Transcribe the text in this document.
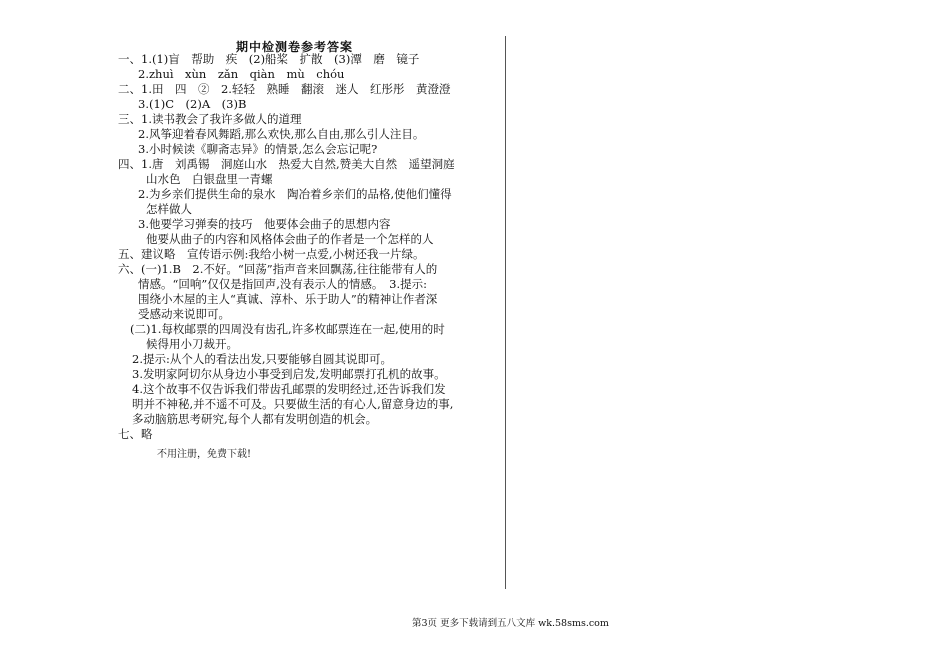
期中检测卷参考答案
一、1.(1)盲　帮助　疾　(2)船桨　扩散　(3)潭　磨　镜子
2.zhuì　xùn　zǎn　qiàn　mù　chóu
二、1.田　四　②　2.轻轻　熟睡　翻滚　迷人　红彤彤　黄澄澄
3.(1)C　(2)A　(3)B
三、1.读书教会了我许多做人的道理
2.风筝迎着春风舞蹈,那么欢快,那么自由,那么引人注目。
3.小时候读《聊斋志异》的情景,怎么会忘记呢?
四、1.唐　刘禹锡　洞庭山水　热爱大自然,赞美大自然　遥望洞庭
山水色　白银盘里一青螺
2.为乡亲们提供生命的泉水　陶冶着乡亲们的品格,使他们懂得
怎样做人
3.他要学习弹奏的技巧　他要体会曲子的思想内容
他要从曲子的内容和风格体会曲子的作者是一个怎样的人
五、建议略　宣传语示例:我给小树一点爱,小树还我一片绿。
六、(一)1.B　2.不好。“回荡”指声音来回飘荡,往往能带有人的
情感。“回响”仅仅是指回声,没有表示人的情感。　3.提示:
围绕小木屋的主人“真诚、淳朴、乐于助人”的精神让作者深
受感动来说即可。
(二)1.每枚邮票的四周没有齿孔,许多枚邮票连在一起,使用的时
候得用小刀裁开。
2.提示:从个人的看法出发,只要能够自圆其说即可。
3.发明家阿切尔从身边小事受到启发,发明邮票打孔机的故事。
4.这个故事不仅告诉我们带齿孔邮票的发明经过,还告诉我们发
明并不神秘,并不遥不可及。只要做生活的有心人,留意身边的事,
多动脑筋思考研究,每个人都有发明创造的机会。
七、略
不用注册，免费下载!
第3页 更多下载请到五八文库 wk.58sms.com
